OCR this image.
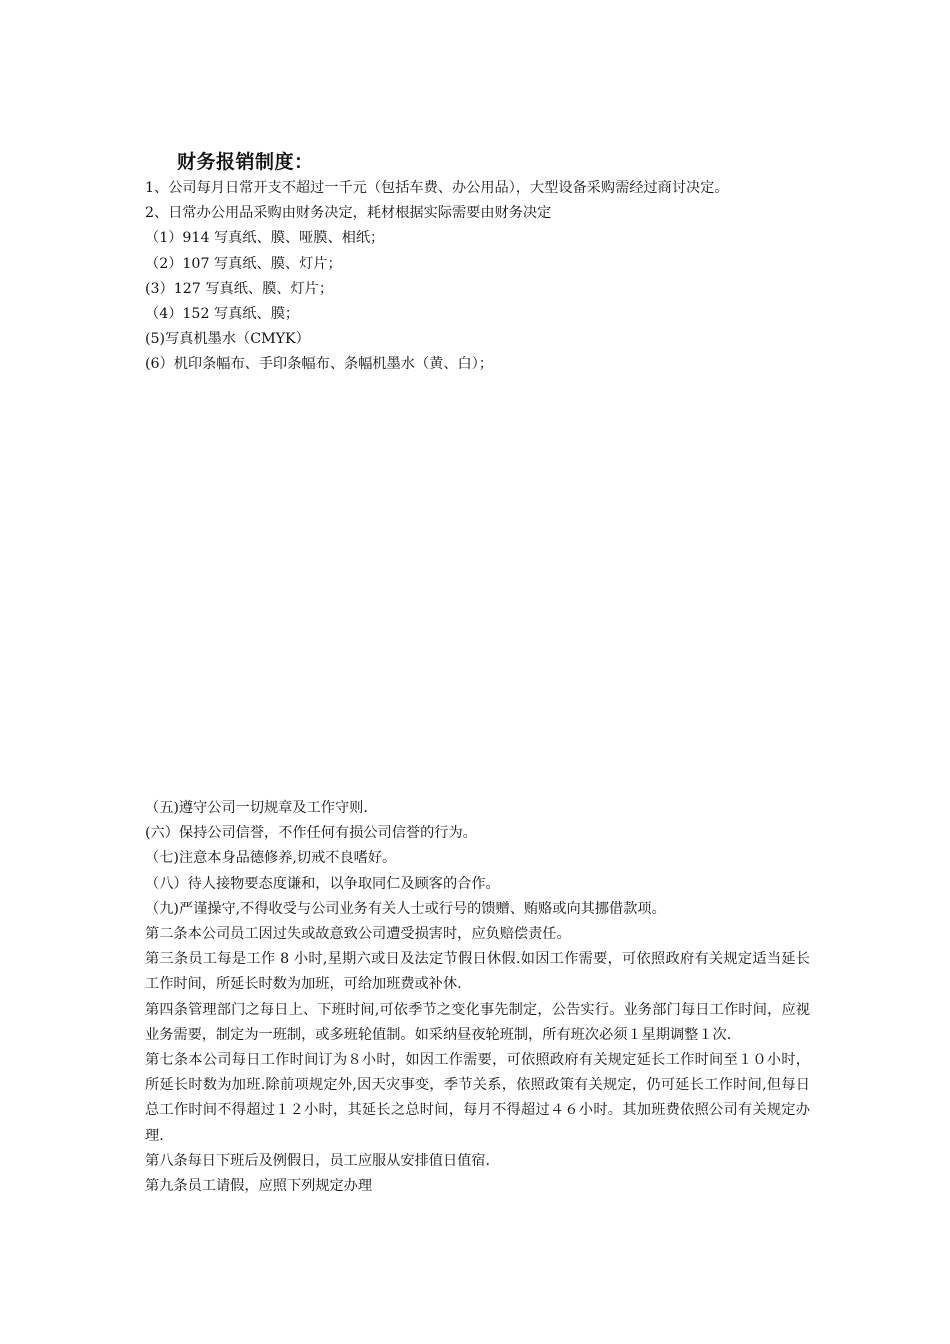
财务报销制度：
1、公司每月日常开支不超过一千元（包括车费、办公用品），大型设备采购需经过商讨决定。
2、日常办公用品采购由财务决定，耗材根据实际需要由财务决定
（1）914 写真纸、膜、哑膜、相纸；
（2）107 写真纸、膜、灯片；
(3）127 写真纸、膜、灯片；
（4）152 写真纸、膜；
(5)写真机墨水（CMYK）
(6）机印条幅布、手印条幅布、条幅机墨水（黄、白）；
（五)遵守公司一切规章及工作守则.
(六）保持公司信誉，不作任何有损公司信誉的行为。
（七)注意本身品德修养,切戒不良嗜好。
（八）待人接物要态度谦和，以争取同仁及顾客的合作。
（九)严谨操守,不得收受与公司业务有关人士或行号的馈赠、贿赂或向其挪借款项。
第二条本公司员工因过失或故意致公司遭受损害时，应负赔偿责任。
第三条员工每是工作 8 小时,星期六或日及法定节假日休假.如因工作需要，可依照政府有关规定适当延长工作时间，所延长时数为加班，可给加班费或补休.
第四条管理部门之每日上、下班时间,可依季节之变化事先制定，公告实行。业务部门每日工作时间，应视业务需要，制定为一班制，或多班轮值制。如采纳昼夜轮班制，所有班次必须１星期调整１次.
第七条本公司每日工作时间订为８小时，如因工作需要，可依照政府有关规定延长工作时间至１０小时，所延长时数为加班.除前项规定外,因天灾事变，季节关系，依照政策有关规定，仍可延长工作时间,但每日总工作时间不得超过１２小时，其延长之总时间，每月不得超过４６小时。其加班费依照公司有关规定办理.
第八条每日下班后及例假日，员工应服从安排值日值宿.
第九条员工请假，应照下列规定办理
